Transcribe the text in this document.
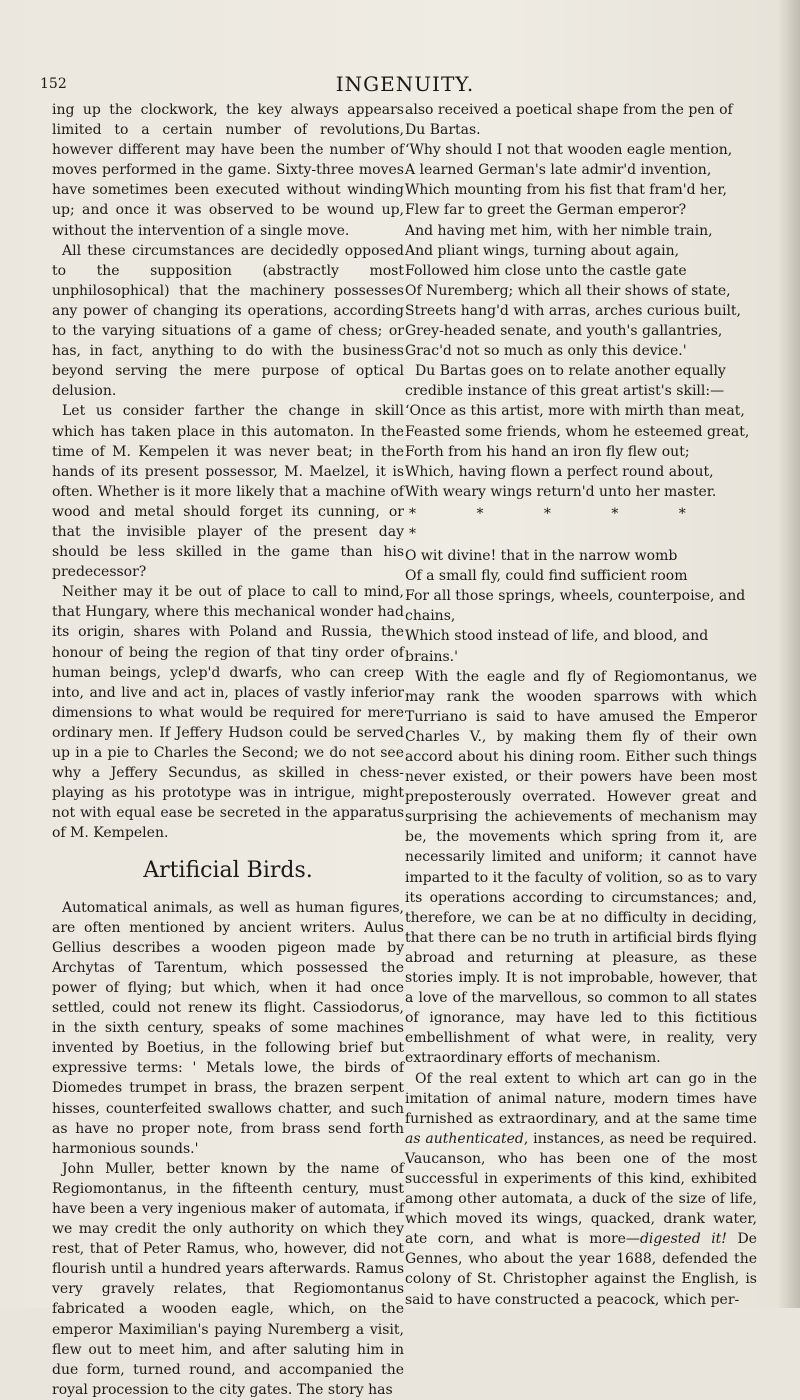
152	INGENUITY.

ing up the clockwork, the key always appears limited to a certain number of revolutions, however different may have been the number of moves performed in the game. Sixty-three moves have sometimes been executed without winding up; and once it was observed to be wound up, without the intervention of a single move.

All these circumstances are decidedly opposed to the supposition (abstractly most unphilosophical) that the machinery possesses any power of changing its operations, according to the varying situations of a game of chess; or has, in fact, anything to do with the business beyond serving the mere purpose of optical delusion.

Let us consider farther the change in skill which has taken place in this automaton. In the time of M. Kempelen it was never beat; in the hands of its present possessor, M. Maelzel, it is often. Whether is it more likely that a machine of wood and metal should forget its cunning, or that the invisible player of the present day should be less skilled in the game than his predecessor?

Neither may it be out of place to call to mind, that Hungary, where this mechanical wonder had its origin, shares with Poland and Russia, the honour of being the region of that tiny order of human beings, yclep'd dwarfs, who can creep into, and live and act in, places of vastly inferior dimensions to what would be required for mere ordinary men. If Jeffery Hudson could be served up in a pie to Charles the Second; we do not see why a Jeffery Secundus, as skilled in chess-playing as his prototype was in intrigue, might not with equal ease be secreted in the apparatus of M. Kempelen.

Artificial Birds.

Automatical animals, as well as human figures, are often mentioned by ancient writers. Aulus Gellius describes a wooden pigeon made by Archytas of Tarentum, which possessed the power of flying; but which, when it had once settled, could not renew its flight. Cassiodorus, in the sixth century, speaks of some machines invented by Boetius, in the following brief but expressive terms: ' Metals lowe, the birds of Diomedes trumpet in brass, the brazen serpent hisses, counterfeited swallows chatter, and such as have no proper note, from brass send forth harmonious sounds.'

John Muller, better known by the name of Regiomontanus, in the fifteenth century, must have been a very ingenious maker of automata, if we may credit the only authority on which they rest, that of Peter Ramus, who, however, did not flourish until a hundred years afterwards. Ramus very gravely relates, that Regiomontanus fabricated a wooden eagle, which, on the emperor Maximilian's paying Nuremberg a visit, flew out to meet him, and after saluting him in due form, turned round, and accompanied the royal procession to the city gates. The story has

also received a poetical shape from the pen of Du Bartas.

‘Why should I not that wooden eagle mention,
A learned German's late admir'd invention,
Which mounting from his fist that fram'd her,
Flew far to greet the German emperor?
And having met him, with her nimble train,
And pliant wings, turning about again,
Followed him close unto the castle gate
Of Nuremberg; which all their shows of state,
Streets hang'd with arras, arches curious built,
Grey-headed senate, and youth's gallantries,
Grac'd not so much as only this device.'

Du Bartas goes on to relate another equally credible instance of this great artist's skill:—

‘Once as this artist, more with mirth than meat,
Feasted some friends, whom he esteemed great,
Forth from his hand an iron fly flew out;
Which, having flown a perfect round about,
With weary wings return'd unto her master.
* * * * * *
O wit divine! that in the narrow womb
Of a small fly, could find sufficient room
For all those springs, wheels, counterpoise, and chains,
Which stood instead of life, and blood, and brains.'

With the eagle and fly of Regiomontanus, we may rank the wooden sparrows with which Turriano is said to have amused the Emperor Charles V., by making them fly of their own accord about his dining room. Either such things never existed, or their powers have been most preposterously overrated. However great and surprising the achievements of mechanism may be, the movements which spring from it, are necessarily limited and uniform; it cannot have imparted to it the faculty of volition, so as to vary its operations according to circumstances; and, therefore, we can be at no difficulty in deciding, that there can be no truth in artificial birds flying abroad and returning at pleasure, as these stories imply. It is not improbable, however, that a love of the marvellous, so common to all states of ignorance, may have led to this fictitious embellishment of what were, in reality, very extraordinary efforts of mechanism.

Of the real extent to which art can go in the imitation of animal nature, modern times have furnished as extraordinary, and at the same time as authenticated, instances, as need be required. Vaucanson, who has been one of the most successful in experiments of this kind, exhibited among other automata, a duck of the size of life, which moved its wings, quacked, drank water, ate corn, and what is more—digested it! De Gennes, who about the year 1688, defended the colony of St. Christopher against the English, is said to have constructed a peacock, which per-
